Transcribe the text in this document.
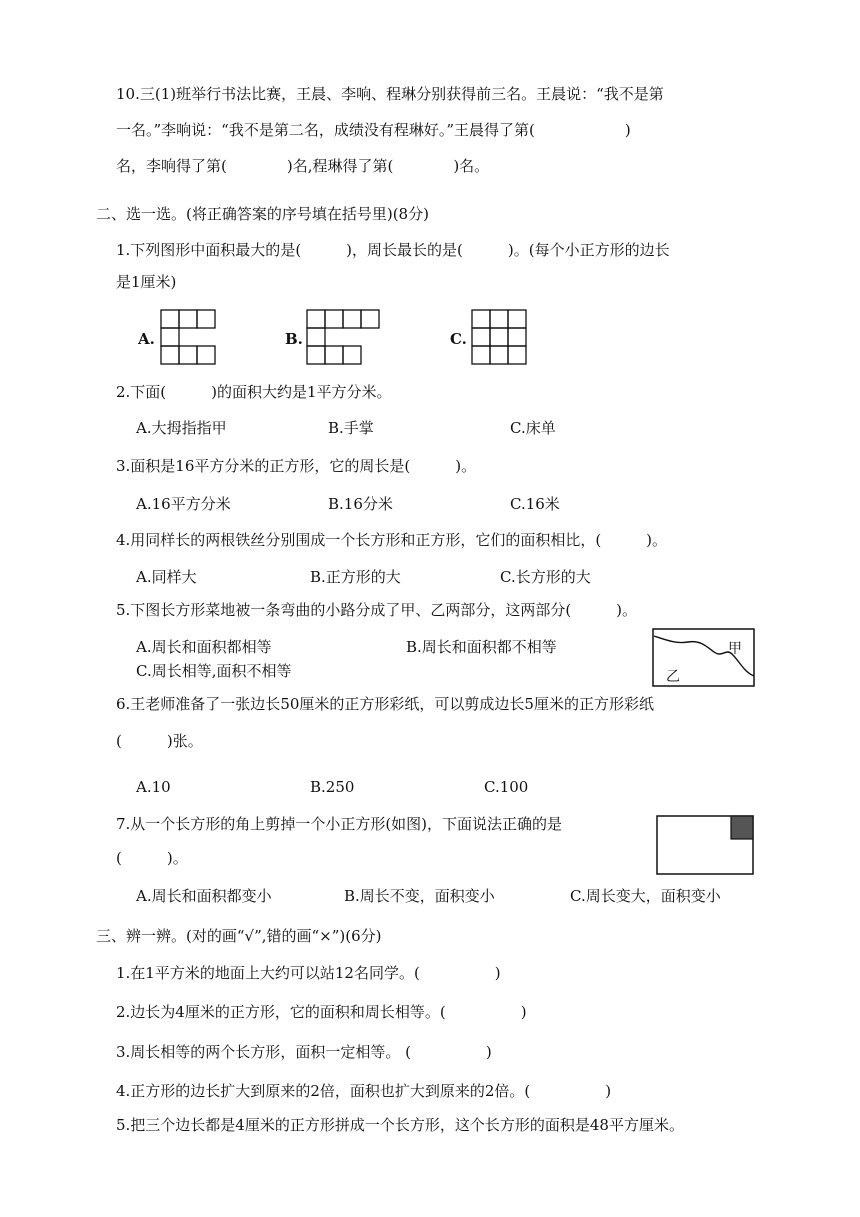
10.三(1)班举行书法比赛，王晨、李响、程琳分别获得前三名。王晨说：“我不是第
一名。”李响说：“我不是第二名，成绩没有程琳好。”王晨得了第(　　　　　　)
名，李响得了第(　　　　)名,程琳得了第(　　　　)名。
二、选一选。(将正确答案的序号填在括号里)(8分)
1.下列图形中面积最大的是(　　　)，周长最长的是(　　　)。(每个小正方形的边长
是1厘米)
A.	B.	C.
2.下面(　　　)的面积大约是1平方分米。
A.大拇指指甲	B.手掌	C.床单
3.面积是16平方分米的正方形，它的周长是(　　　)。
A.16平方分米	B.16分米	C.16米
4.用同样长的两根铁丝分别围成一个长方形和正方形，它们的面积相比，(　　　)。
A.同样大	B.正方形的大	C.长方形的大
5.下图长方形菜地被一条弯曲的小路分成了甲、乙两部分，这两部分(　　　)。
A.周长和面积都相等	B.周长和面积都不相等
C.周长相等,面积不相等
甲
乙
6.王老师准备了一张边长50厘米的正方形彩纸，可以剪成边长5厘米的正方形彩纸
(　　　)张。
A.10	B.250	C.100
7.从一个长方形的角上剪掉一个小正方形(如图)，下面说法正确的是
(　　　)。
A.周长和面积都变小	B.周长不变，面积变小	C.周长变大，面积变小
三、辨一辨。(对的画“√”,错的画“×”)(6分)
1.在1平方米的地面上大约可以站12名同学。(　　　　　)
2.边长为4厘米的正方形，它的面积和周长相等。(　　　　　)
3.周长相等的两个长方形，面积一定相等。 (　　　　　)
4.正方形的边长扩大到原来的2倍，面积也扩大到原来的2倍。(　　　　　)
5.把三个边长都是4厘米的正方形拼成一个长方形，这个长方形的面积是48平方厘米。
